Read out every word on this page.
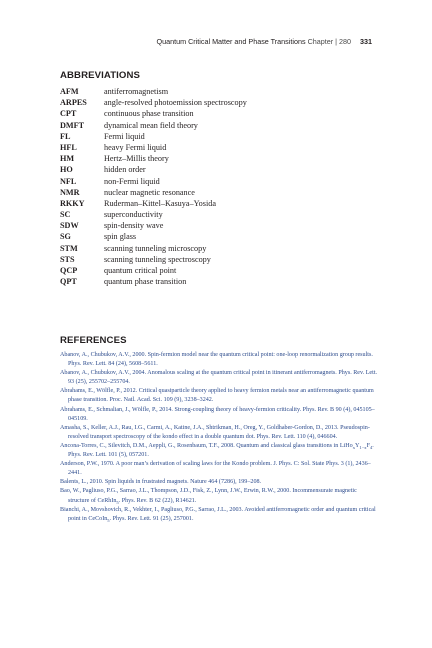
Quantum Critical Matter and Phase Transitions Chapter | 280 331
ABBREVIATIONS
AFM	antiferromagnetism
ARPES angle-resolved photoemission spectroscopy
CPT	continuous phase transition
DMFT dynamical mean field theory
FL	Fermi liquid
HFL	heavy Fermi liquid
HM	Hertz–Millis theory
HO	hidden order
NFL	non-Fermi liquid
NMR	nuclear magnetic resonance
RKKY Ruderman–Kittel–Kasuya–Yosida
SC	superconductivity
SDW	spin-density wave
SG	spin glass
STM	scanning tunneling microscopy
STS	scanning tunneling spectroscopy
QCP	quantum critical point
QPT	quantum phase transition
REFERENCES
Abanov, A., Chubukov, A.V., 2000. Spin-fermion model near the quantum critical point: one-loop renormalization group results. Phys. Rev. Lett. 84 (24), 5608–5611.
Abanov, A., Chubukov, A.V., 2004. Anomalous scaling at the quantum critical point in itinerant antiferromagnets. Phys. Rev. Lett. 93 (25), 255702–255704.
Abrahams, E., Wölfle, P., 2012. Critical quasiparticle theory applied to heavy fermion metals near an antiferromagnetic quantum phase transition. Proc. Natl. Acad. Sci. 109 (9), 3238–3242.
Abrahams, E., Schmalian, J., Wölfle, P., 2014. Strong-coupling theory of heavy-fermion criticality. Phys. Rev. B 90 (4), 045105–045109.
Amasha, S., Keller, A.J., Rau, I.G., Carmi, A., Katine, J.A., Shtrikman, H., Oreg, Y., Goldhaber-Gordon, D., 2013. Pseudospin-resolved transport spectroscopy of the kondo effect in a double quantum dot. Phys. Rev. Lett. 110 (4), 046604.
Ancona-Torres, C., Silevitch, D.M., Aeppli, G., Rosenbaum, T.F., 2008. Quantum and classical glass transitions in $LiHo_xY_{1-x}F_4$. Phys. Rev. Lett. 101 (5), 057201.
Anderson, P.W., 1970. A poor man’s derivation of scaling laws for the Kondo problem. J. Phys. C: Sol. State Phys. 3 (1), 2436–2441.
Balents, L., 2010. Spin liquids in frustrated magnets. Nature 464 (7286), 199–208.
Bao, W., Pagliuso, P.G., Sarrao, J.L., Thompson, J.D., Fisk, Z., Lynn, J.W., Erwin, R.W., 2000. Incommensurate magnetic structure of CeRhIn$_5$. Phys. Rev. B 62 (22), R14621.
Bianchi, A., Movshovich, R., Vekhter, I., Pagliuso, P.G., Sarrao, J.L., 2003. Avoided antiferromagnetic order and quantum critical point in CeCoIn$_5$. Phys. Rev. Lett. 91 (25), 257001.
